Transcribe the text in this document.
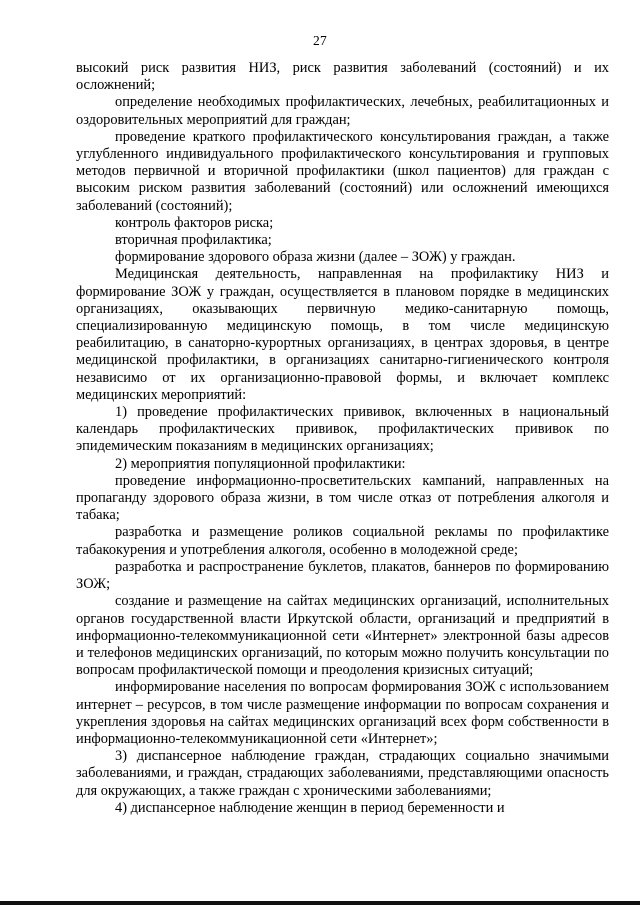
27

высокий риск развития НИЗ, риск развития заболеваний (состояний) и их осложнений;

определение необходимых профилактических, лечебных, реабилитационных и оздоровительных мероприятий для граждан;

проведение краткого профилактического консультирования граждан, а также углубленного индивидуального профилактического консультирования и групповых методов первичной и вторичной профилактики (школ пациентов) для граждан с высоким риском развития заболеваний (состояний) или осложнений имеющихся заболеваний (состояний);

контроль факторов риска;

вторичная профилактика;

формирование здорового образа жизни (далее – ЗОЖ) у граждан.

Медицинская деятельность, направленная на профилактику НИЗ и формирование ЗОЖ у граждан, осуществляется в плановом порядке в медицинских организациях, оказывающих первичную медико-санитарную помощь, специализированную медицинскую помощь, в том числе медицинскую реабилитацию, в санаторно-курортных организациях, в центрах здоровья, в центре медицинской профилактики, в организациях санитарно-гигиенического контроля независимо от их организационно-правовой формы, и включает комплекс медицинских мероприятий:

1) проведение профилактических прививок, включенных в национальный календарь профилактических прививок, профилактических прививок по эпидемическим показаниям в медицинских организациях;

2) мероприятия популяционной профилактики:

проведение информационно-просветительских кампаний, направленных на пропаганду здорового образа жизни, в том числе отказ от потребления алкоголя и табака;

разработка и размещение роликов социальной рекламы по профилактике табакокурения и употребления алкоголя, особенно в молодежной среде;

разработка и распространение буклетов, плакатов, баннеров по формированию ЗОЖ;

создание и размещение на сайтах медицинских организаций, исполнительных органов государственной власти Иркутской области, организаций и предприятий в информационно-телекоммуникационной сети «Интернет» электронной базы адресов и телефонов медицинских организаций, по которым можно получить консультации по вопросам профилактической помощи и преодоления кризисных ситуаций;

информирование населения по вопросам формирования ЗОЖ с использованием интернет – ресурсов, в том числе размещение информации по вопросам сохранения и укрепления здоровья на сайтах медицинских организаций всех форм собственности в информационно-телекоммуникационной сети «Интернет»;

3) диспансерное наблюдение граждан, страдающих социально значимыми заболеваниями, и граждан, страдающих заболеваниями, представляющими опасность для окружающих, а также граждан с хроническими заболеваниями;

4) диспансерное наблюдение женщин в период беременности и
